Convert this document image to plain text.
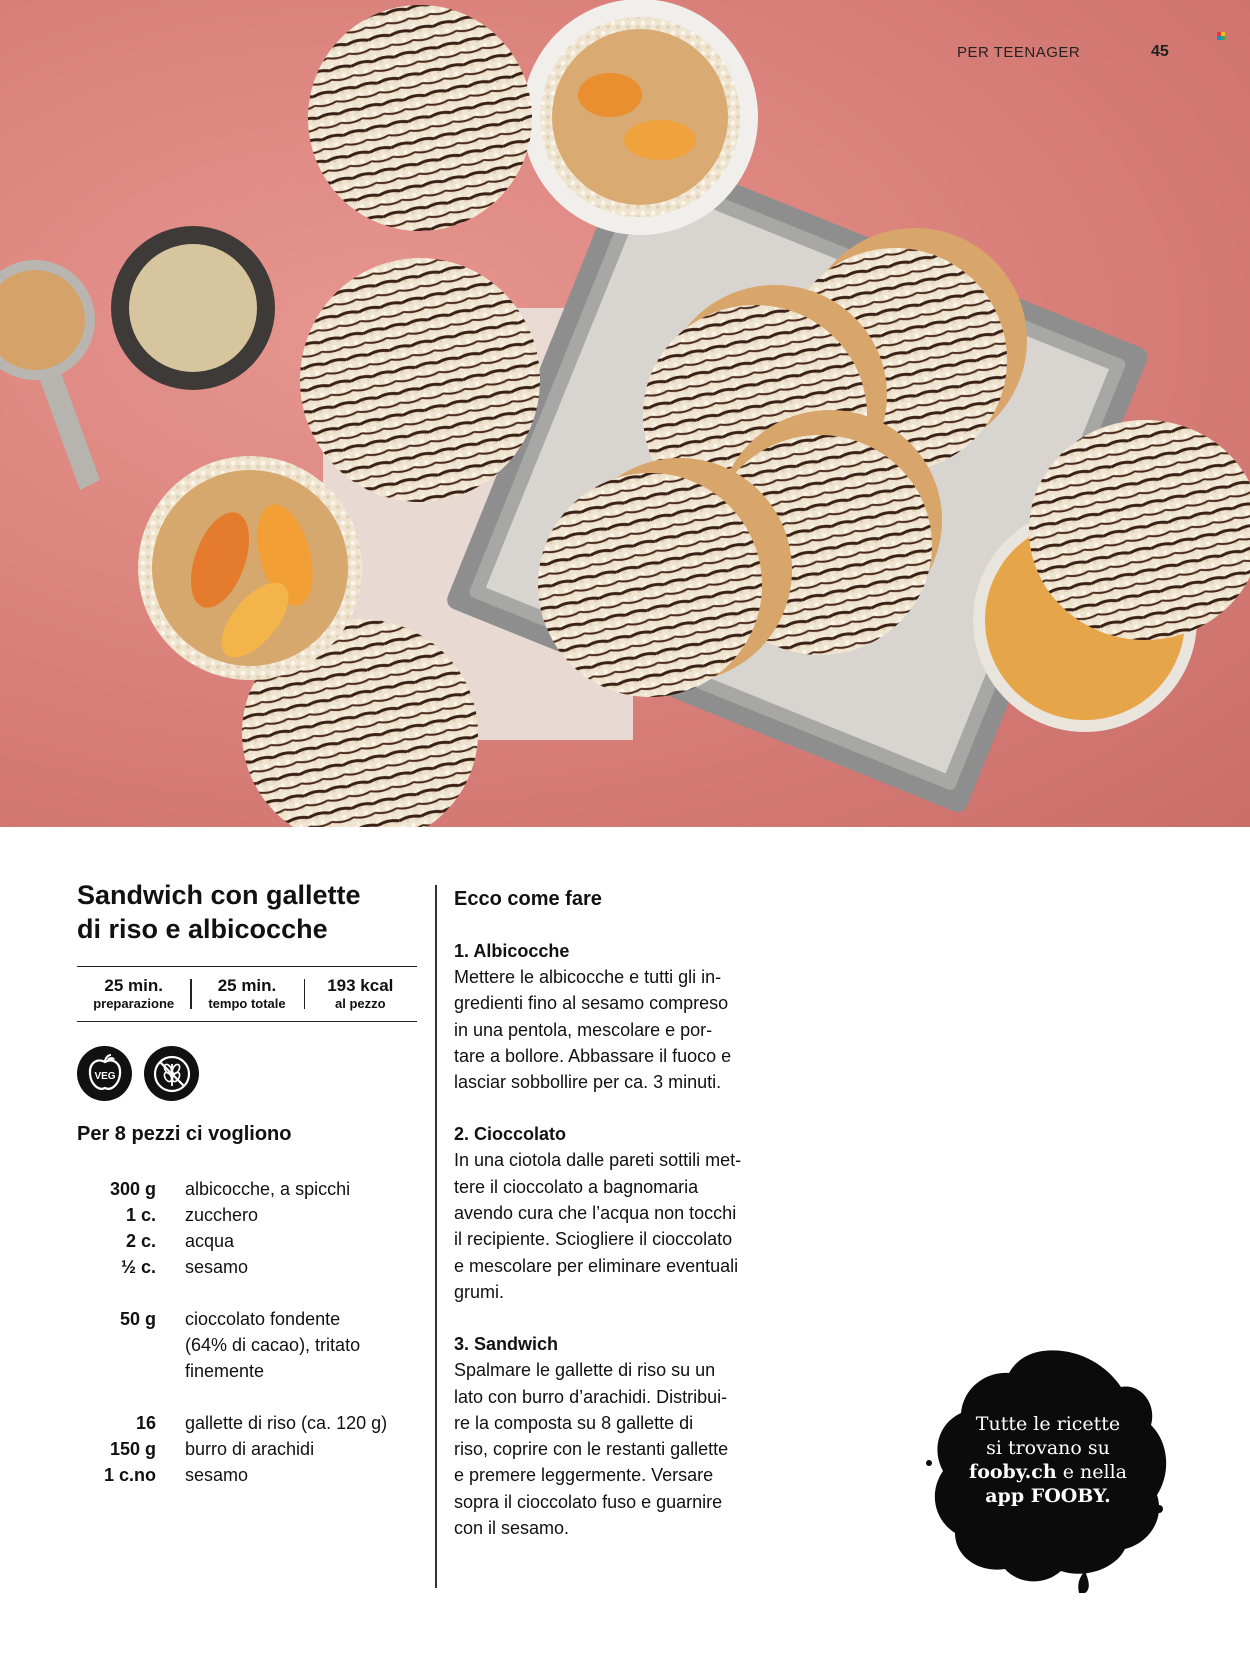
PER TEENAGER	45
Sandwich con gallette
di riso e albicocche
25 min.
preparazione
25 min.
tempo totale
193 kcal
al pezzo
VEG
Per 8 pezzi ci vogliono
300 g	albicocche, a spicchi
1 c.	zucchero
2 c.	acqua
½ c.	sesamo
50 g	cioccolato fondente
(64% di cacao), tritato
finemente
16	gallette di riso (ca. 120 g)
150 g	burro di arachidi
1 c.no	sesamo
Ecco come fare
1. Albicocche
Mettere le albicocche e tutti gli in-
gredienti fino al sesamo compreso
in una pentola, mescolare e por-
tare a bollore. Abbassare il fuoco e
lasciar sobbollire per ca. 3 minuti.
2. Cioccolato
In una ciotola dalle pareti sottili met-
tere il cioccolato a bagnomaria
avendo cura che l’acqua non tocchi
il recipiente. Sciogliere il cioccolato
e mescolare per eliminare eventuali
grumi.
3. Sandwich
Spalmare le gallette di riso su un
lato con burro d’arachidi. Distribui-
re la composta su 8 gallette di
riso, coprire con le restanti gallette
e premere leggermente. Versare
sopra il cioccolato fuso e guarnire
con il sesamo.
Tutte le ricette
si trovano su
fooby.ch e nella
app FOOBY.
